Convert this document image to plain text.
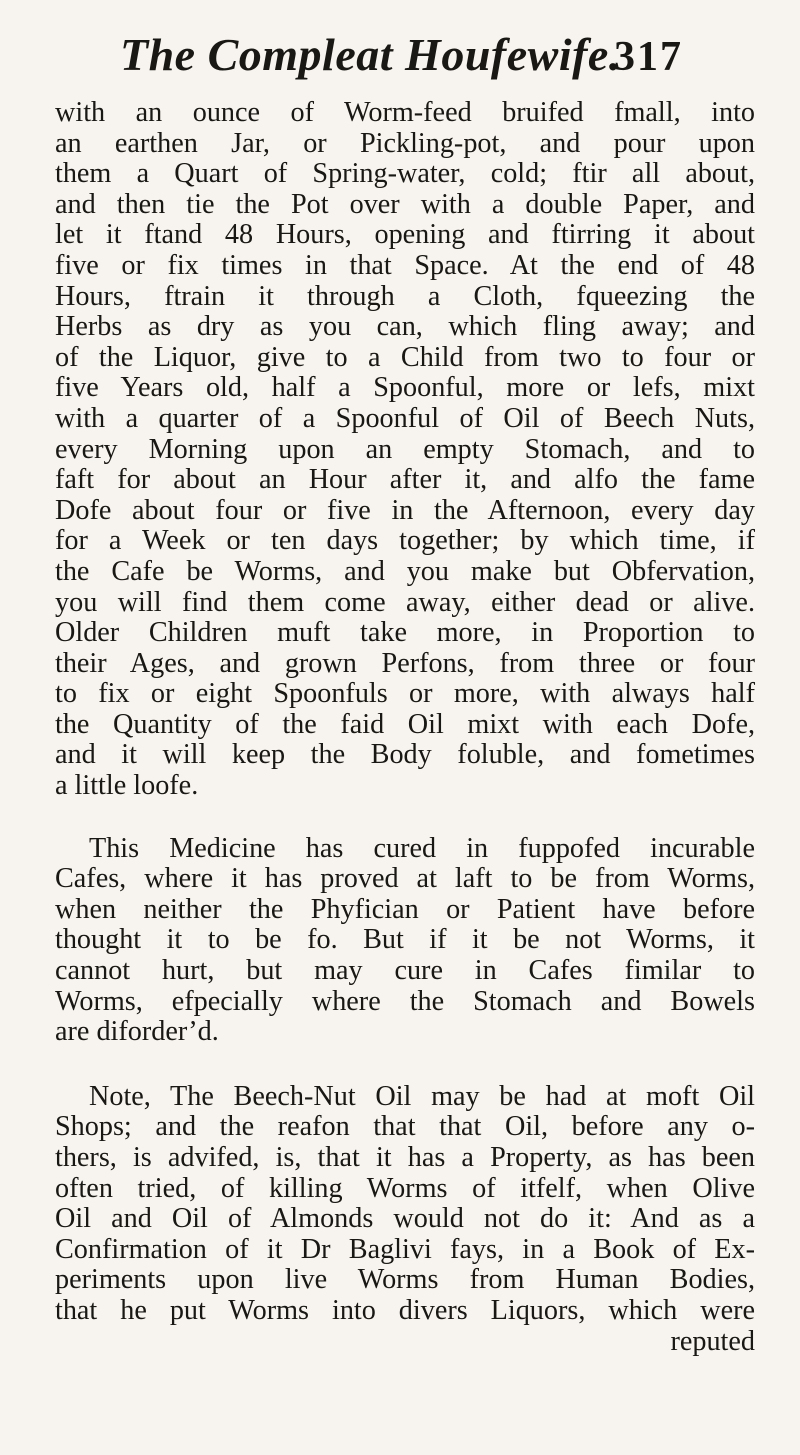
The Compleat Houfewife.
317
with an ounce of Worm-feed bruifed fmall, into
an earthen Jar, or Pickling-pot, and pour upon
them a Quart of Spring-water, cold; ftir all about,
and then tie the Pot over with a double Paper, and
let it ftand 48 Hours, opening and ftirring it about
five or fix times in that Space. At the end of 48
Hours, ftrain it through a Cloth, fqueezing the
Herbs as dry as you can, which fling away; and
of the Liquor, give to a Child from two to four or
five Years old, half a Spoonful, more or lefs, mixt
with a quarter of a Spoonful of Oil of Beech Nuts,
every Morning upon an empty Stomach, and to
faft for about an Hour after it, and alfo the fame
Dofe about four or five in the Afternoon, every day
for a Week or ten days together; by which time, if
the Cafe be Worms, and you make but Obfervation,
you will find them come away, either dead or alive.
Older Children muft take more, in Proportion to
their Ages, and grown Perfons, from three or four
to fix or eight Spoonfuls or more, with always half
the Quantity of the faid Oil mixt with each Dofe,
and it will keep the Body foluble, and fometimes
a little loofe.
This Medicine has cured in fuppofed incurable
Cafes, where it has proved at laft to be from Worms,
when neither the Phyfician or Patient have before
thought it to be fo. But if it be not Worms, it
cannot hurt, but may cure in Cafes fimilar to
Worms, efpecially where the Stomach and Bowels
are diforder’d.
Note, The Beech-Nut Oil may be had at moft Oil
Shops; and the reafon that that Oil, before any o-
thers, is advifed, is, that it has a Property, as has been
often tried, of killing Worms of itfelf, when Olive
Oil and Oil of Almonds would not do it: And as a
Confirmation of it Dr Baglivi fays, in a Book of Ex-
periments upon live Worms from Human Bodies,
that he put Worms into divers Liquors, which were
reputed
